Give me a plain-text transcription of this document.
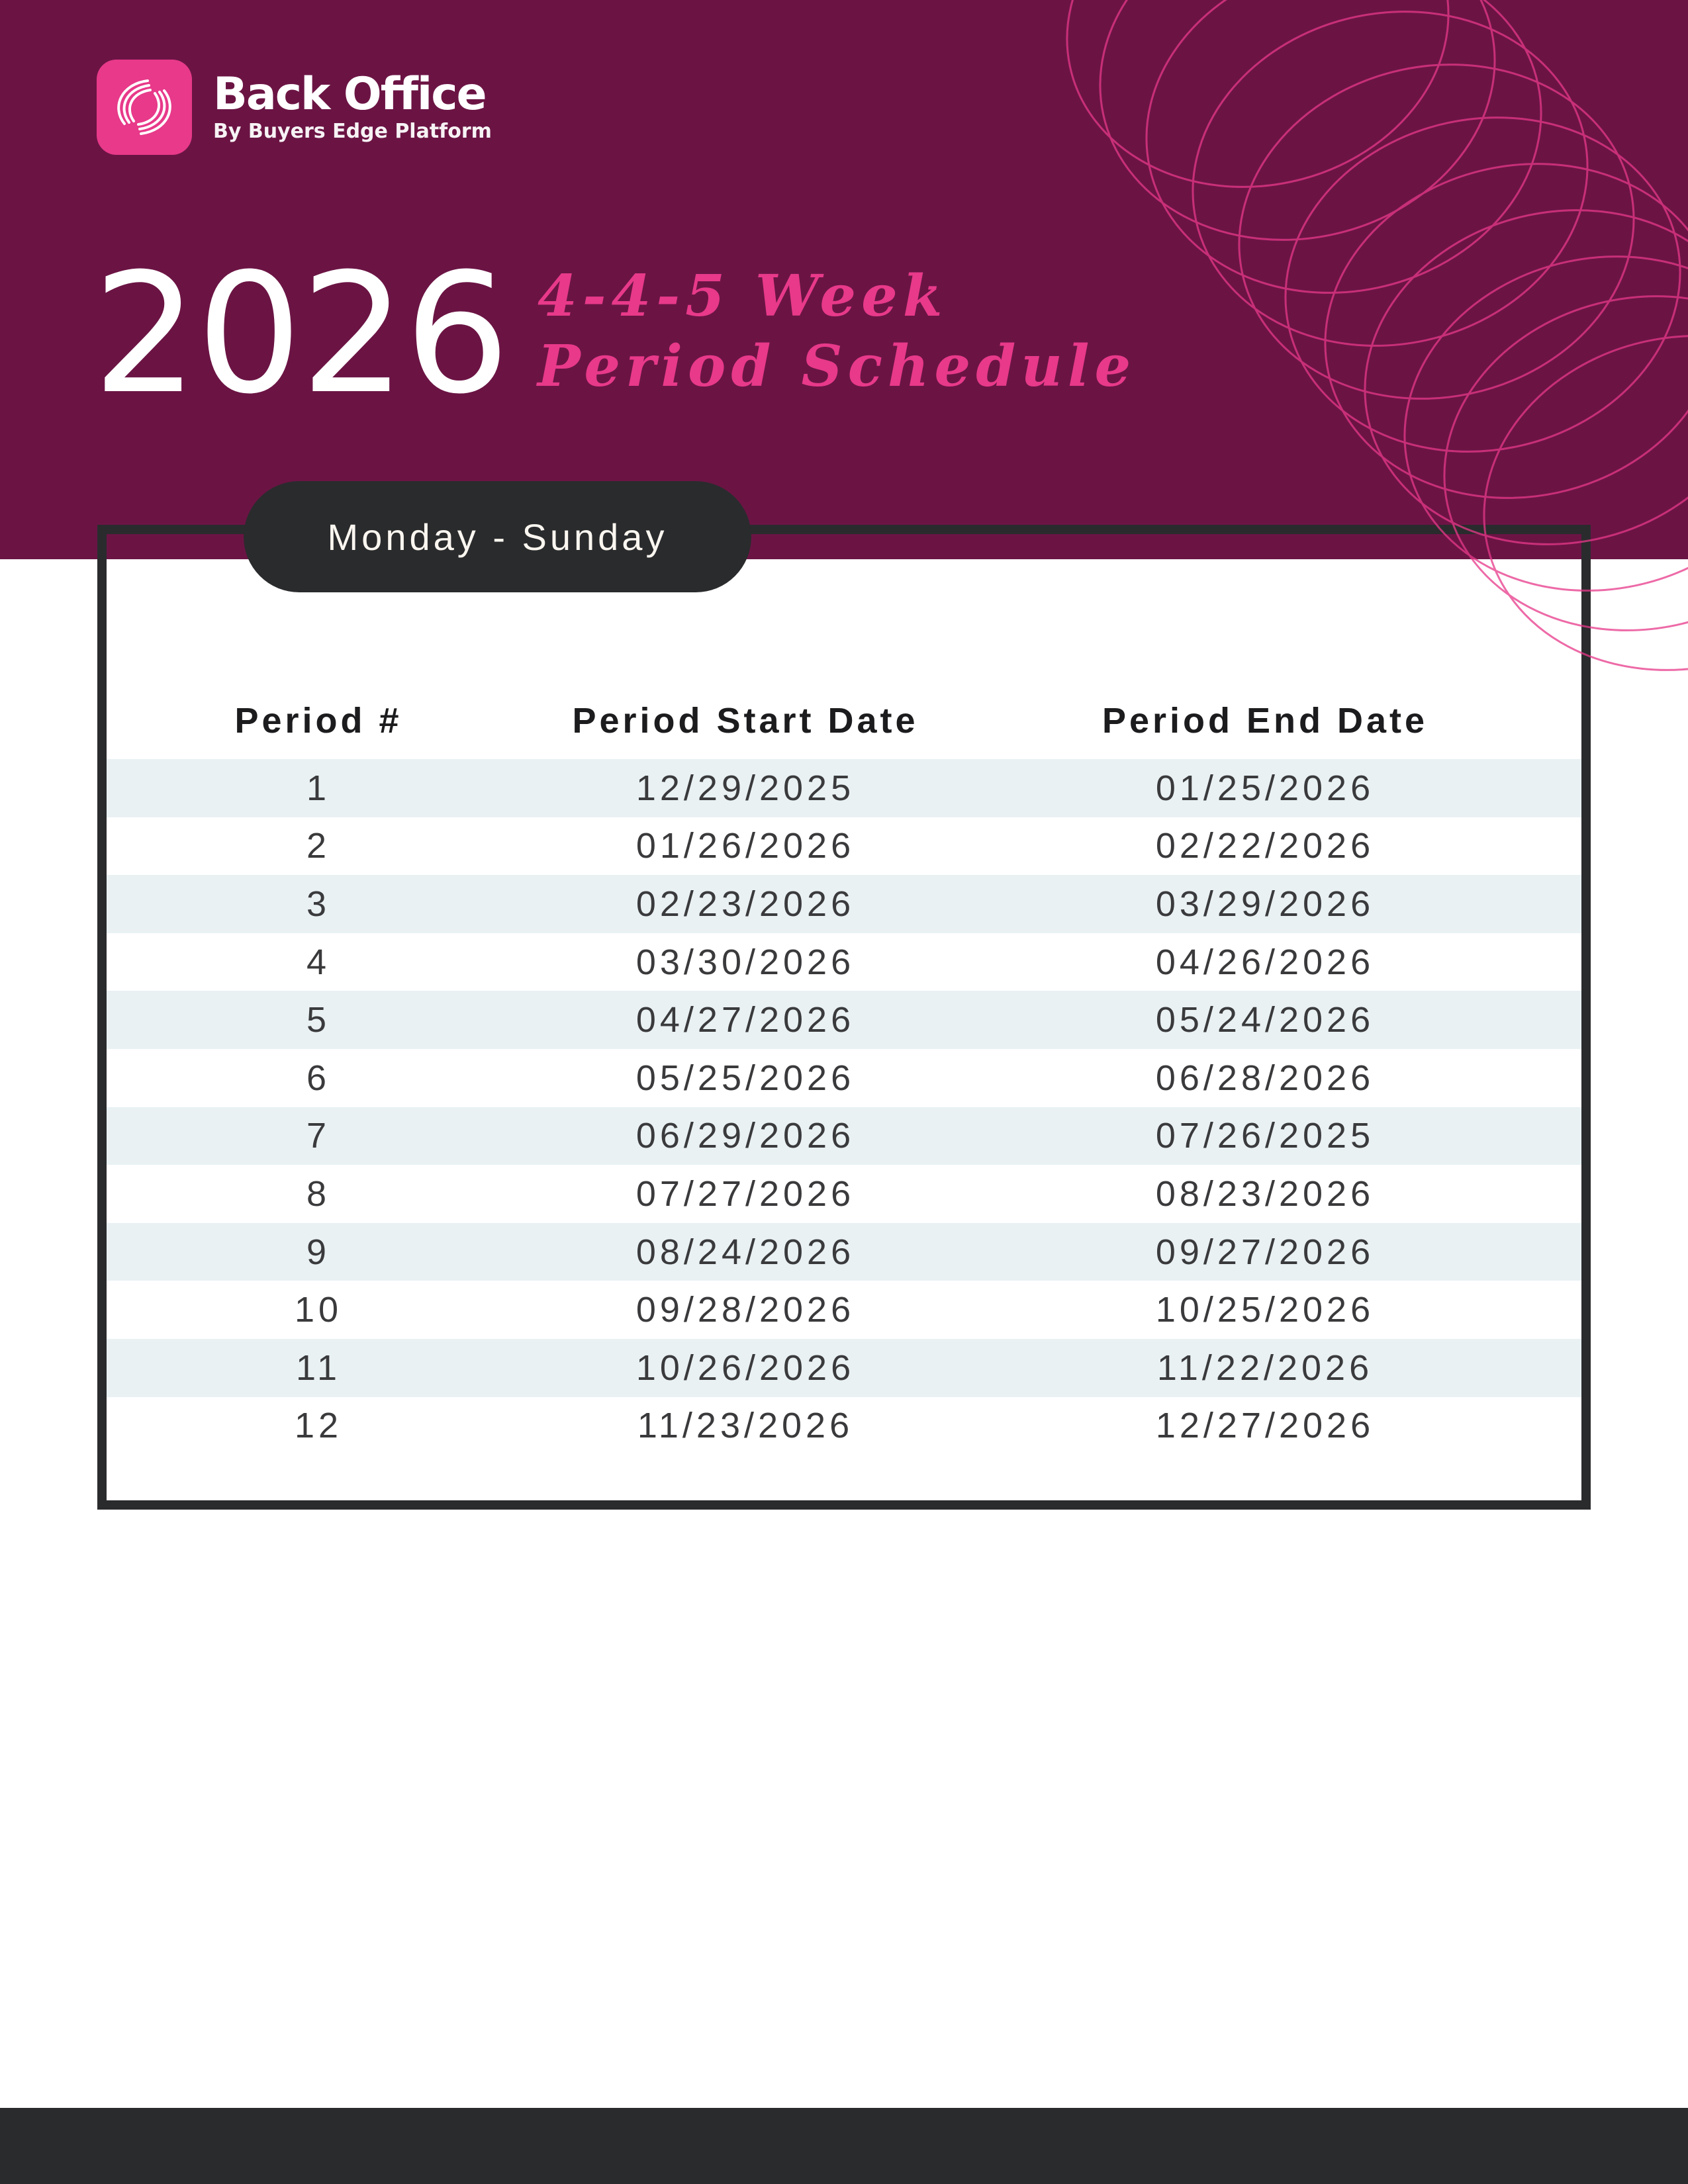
Back Office
By Buyers Edge Platform
2026 4-4-5 Week
Period Schedule
Monday - Sunday
Period #	Period Start Date	Period End Date
1	12/29/2025	01/25/2026
2	01/26/2026	02/22/2026
3	02/23/2026	03/29/2026
4	03/30/2026	04/26/2026
5	04/27/2026	05/24/2026
6	05/25/2026	06/28/2026
7	06/29/2026	07/26/2025
8	07/27/2026	08/23/2026
9	08/24/2026	09/27/2026
10	09/28/2026	10/25/2026
11	10/26/2026	11/22/2026
12	11/23/2026	12/27/2026
